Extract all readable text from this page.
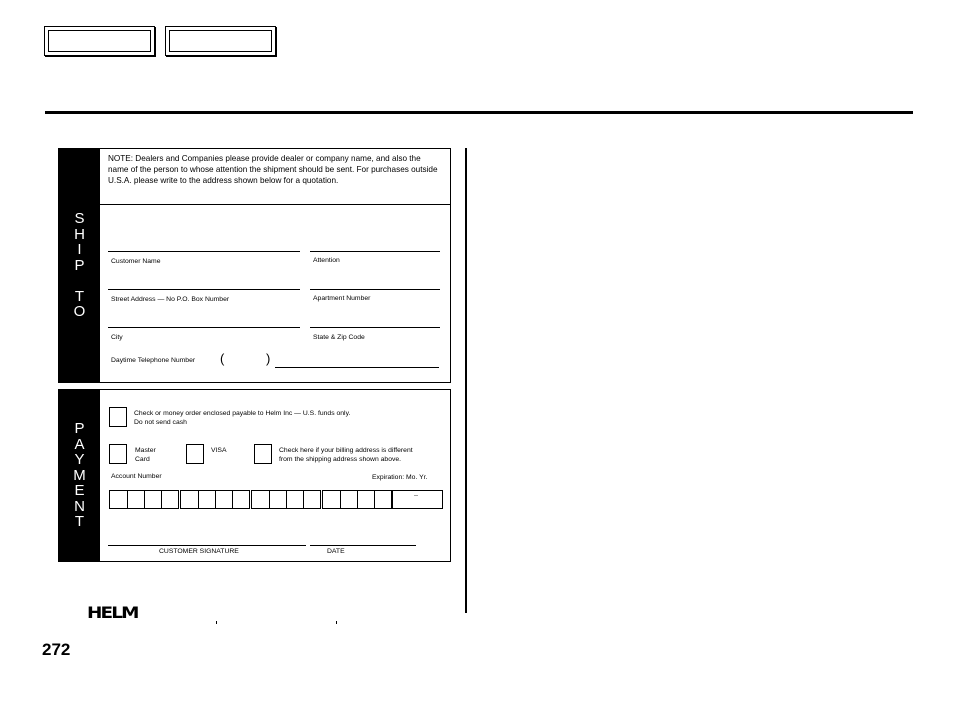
S
H
I
P
T
O
NOTE: Dealers and Companies please provide dealer or company name, and also the name of the person to whose attention the shipment should be sent. For purchases outside U.S.A. please write to the address shown below for a quotation.
Customer Name	Attention
Street Address — No P.O. Box Number	Apartment Number
City	State & Zip Code
Daytime Telephone Number (	)
P
A
Y
M
E
N
T
Check or money order enclosed payable to Helm Inc — U.S. funds only.
Do not send cash
Master
Card
VISA	Check here if your billing address is different
from the shipping address shown above.
Account Number	Expiration: Mo. Yr.
--
CUSTOMER SIGNATURE	DATE
HELM
272
